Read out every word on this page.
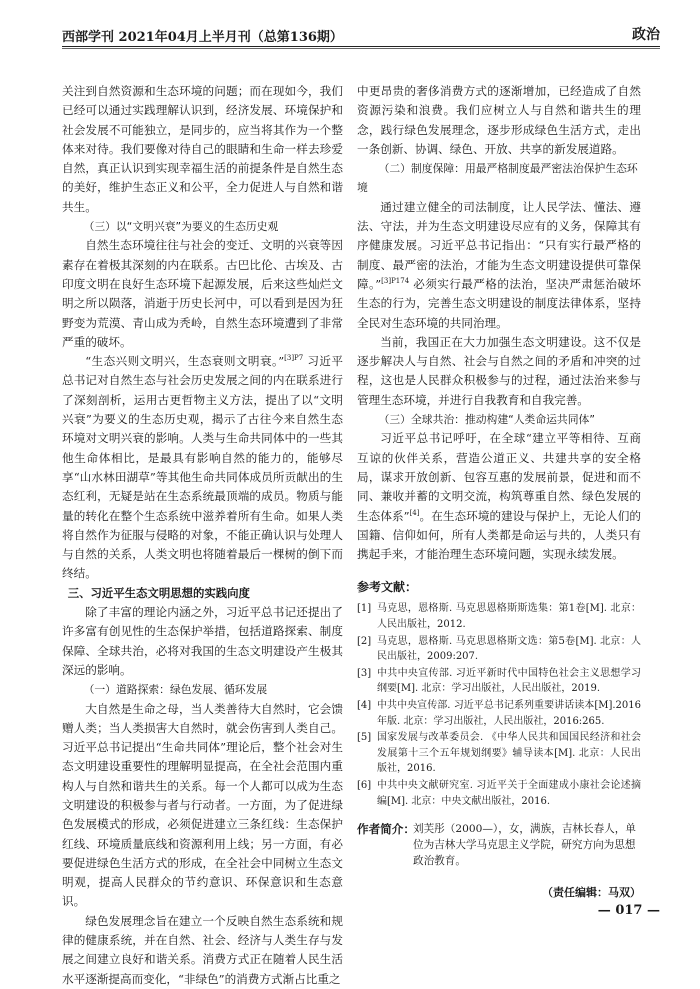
西部学刊 2021年04月上半月刊（总第136期）	政治

关注到自然资源和生态环境的问题；而在现如今，我们已经可以通过实践理解认识到，经济发展、环境保护和社会发展不可能独立，是同步的，应当将其作为一个整体来对待。我们要像对待自己的眼睛和生命一样去珍爱自然，真正认识到实现幸福生活的前提条件是自然生态的美好，维护生态正义和公平，全力促进人与自然和谐共生。

（三）以“文明兴衰”为要义的生态历史观

自然生态环境往往与社会的变迁、文明的兴衰等因素存在着极其深刻的内在联系。古巴比伦、古埃及、古印度文明在良好生态环境下起源发展，后来这些灿烂文明之所以陨落，消逝于历史长河中，可以看到是因为狂野变为荒漠、青山成为秃岭，自然生态环境遭到了非常严重的破坏。

“生态兴则文明兴，生态衰则文明衰。”$^{[3]P7}$ 习近平总书记对自然生态与社会历史发展之间的内在联系进行了深刻剖析，运用古更哲物主义方法，提出了以“文明兴衰”为要义的生态历史观，揭示了古往今来自然生态环境对文明兴衰的影响。人类与生命共同体中的一些其他生命体相比，是最具有影响自然的能力的，能够尽享“山水林田湖草”等其他生命共同体成员所贡献出的生态红利，无疑是站在生态系统最顶端的成员。物质与能量的转化在整个生态系统中滋养着所有生命。如果人类将自然作为征服与侵略的对象，不能正确认识与处理人与自然的关系，人类文明也将随着最后一棵树的倒下而终结。

三、习近平生态文明思想的实践向度

除了丰富的理论内涵之外，习近平总书记还提出了许多富有创见性的生态保护举措，包括道路探索、制度保障、全球共治，必将对我国的生态文明建设产生极其深远的影响。

（一）道路探索：绿色发展、循环发展

大自然是生命之母，当人类善待大自然时，它会馈赠人类；当人类损害大自然时，就会伤害到人类自己。习近平总书记提出“生命共同体”理论后，整个社会对生态文明建设重要性的理解明显提高，在全社会范围内重构人与自然和谐共生的关系。每一个人都可以成为生态文明建设的积极参与者与行动者。一方面，为了促进绿色发展模式的形成，必须促进建立三条红线：生态保护红线、环境质量底线和资源利用上线；另一方面，有必要促进绿色生活方式的形成，在全社会中同树立生态文明观，提高人民群众的节约意识、环保意识和生态意识。

绿色发展理念旨在建立一个反映自然生态系统和规律的健康系统，并在自然、社会、经济与人类生存与发展之间建立良好和谐关系。消费方式正在随着人民生活水平逐渐提高而变化，“非绿色”的消费方式渐占比重之

中更昂贵的奢侈消费方式的逐渐增加，已经造成了自然资源污染和浪费。我们应树立人与自然和谐共生的理念，践行绿色发展理念，逐步形成绿色生活方式，走出一条创新、协调、绿色、开放、共享的新发展道路。

（二）制度保障：用最严格制度最严密法治保护生态环境

通过建立健全的司法制度，让人民学法、懂法、遵法、守法，并为生态文明建设尽应有的义务，保障其有序健康发展。习近平总书记指出：“只有实行最严格的制度、最严密的法治，才能为生态文明建设提供可靠保障。”$^{[3]P174}$ 必须实行最严格的法治，坚决严肃惩治破坏生态的行为，完善生态文明建设的制度法律体系，坚持全民对生态环境的共同治理。

当前，我国正在大力加强生态文明建设。这不仅是逐步解决人与自然、社会与自然之间的矛盾和冲突的过程，这也是人民群众积极参与的过程，通过法治来参与管理生态环境，并进行自我教育和自我完善。

（三）全球共治：推动构建“人类命运共同体”

习近平总书记呼吁，在全球“建立平等相待、互商互谅的伙伴关系，营造公道正义、共建共享的安全格局，谋求开放创新、包容互惠的发展前景，促进和而不同、兼收并蓄的文明交流，构筑尊重自然、绿色发展的生态体系”[4]。在生态环境的建设与保护上，无论人们的国籍、信仰如何，所有人类都是命运与共的，人类只有携起手来，才能治理生态环境问题，实现永续发展。

参考文献：
[1] 马克思，恩格斯. 马克思恩格斯斯选集：第1卷[M]. 北京：人民出版社，2012.
[2] 马克思，恩格斯. 马克思恩格斯文选：第5卷[M]. 北京：人民出版社，2009:207.
[3] 中共中央宣传部. 习近平新时代中国特色社会主义思想学习纲要[M]. 北京：学习出版社，人民出版社，2019.
[4] 中共中央宣传部. 习近平总书记系列重要讲话读本[M].2016年版. 北京：学习出版社，人民出版社，2016:265.
[5] 国家发展与改革委员会. 《中华人民共和国国民经济和社会发展第十三个五年规划纲要》辅导读本[M]. 北京：人民出版社，2016.
[6] 中共中央文献研究室. 习近平关于全面建成小康社会论述摘编[M]. 北京：中央文献出版社，2016.
作者简介：
刘芙彤（2000—），女，满族，吉林长春人，单位为吉林大学马克思主义学院，研究方向为思想政治教育。
（责任编辑：马双）
— 017 —
